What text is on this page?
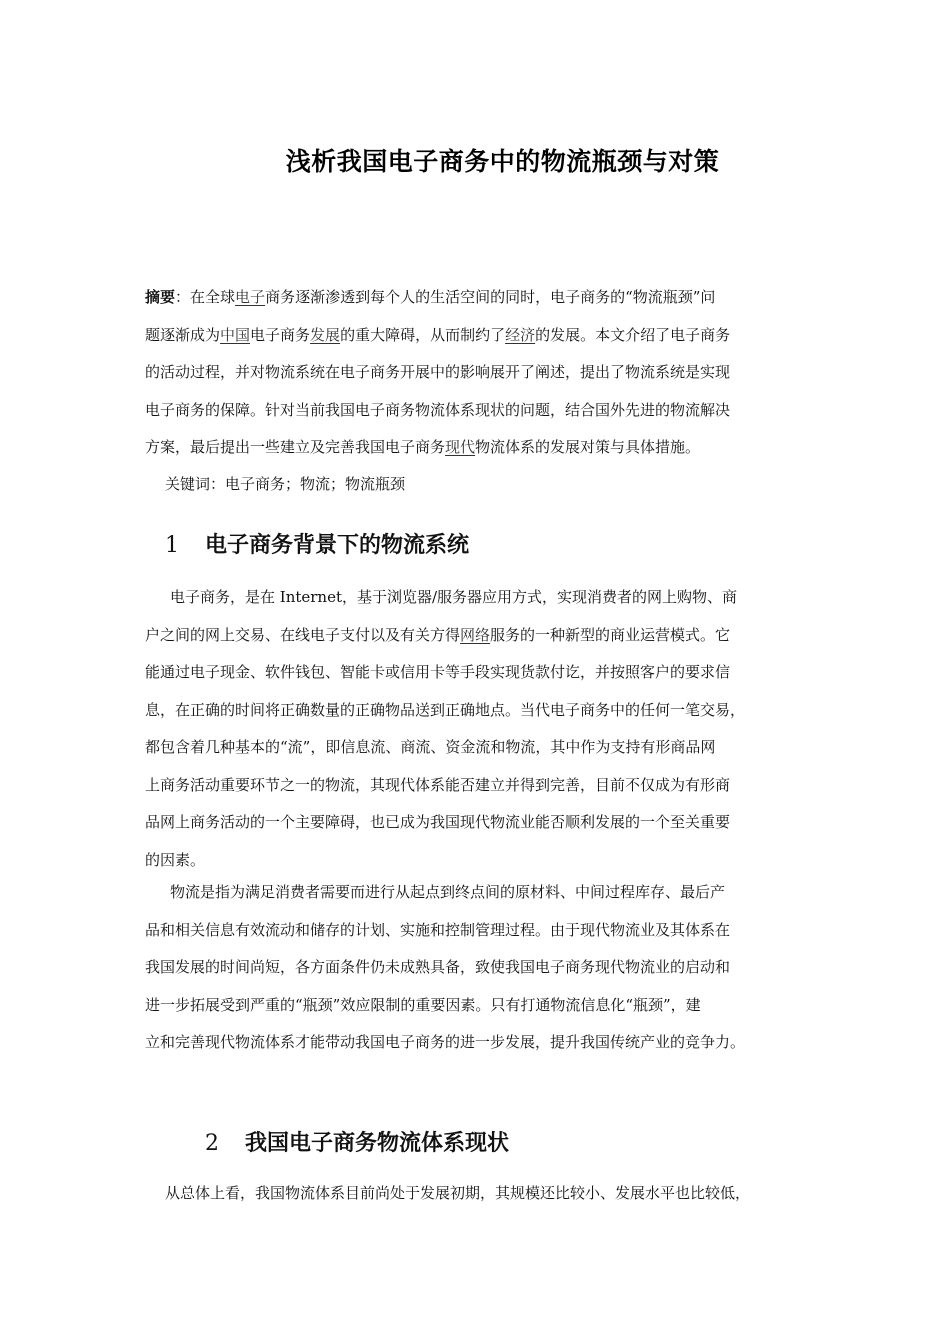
浅析我国电子商务中的物流瓶颈与对策
摘要：在全球电子商务逐渐渗透到每个人的生活空间的同时，电子商务的“物流瓶颈”问
题逐渐成为中国电子商务发展的重大障碍，从而制约了经济的发展。本文介绍了电子商务
的活动过程，并对物流系统在电子商务开展中的影响展开了阐述，提出了物流系统是实现
电子商务的保障。针对当前我国电子商务物流体系现状的问题，结合国外先进的物流解决
方案，最后提出一些建立及完善我国电子商务现代物流体系的发展对策与具体措施。
关键词：电子商务；物流；物流瓶颈
1 电子商务背景下的物流系统
电子商务，是在 Internet，基于浏览器/服务器应用方式，实现消费者的网上购物、商
户之间的网上交易、在线电子支付以及有关方得网络服务的一种新型的商业运营模式。它
能通过电子现金、软件钱包、智能卡或信用卡等手段实现货款付讫，并按照客户的要求信
息，在正确的时间将正确数量的正确物品送到正确地点。当代电子商务中的任何一笔交易，
都包含着几种基本的“流”，即信息流、商流、资金流和物流，其中作为支持有形商品网
上商务活动重要环节之一的物流，其现代体系能否建立并得到完善，目前不仅成为有形商
品网上商务活动的一个主要障碍，也已成为我国现代物流业能否顺利发展的一个至关重要
的因素。
物流是指为满足消费者需要而进行从起点到终点间的原材料、中间过程库存、最后产
品和相关信息有效流动和储存的计划、实施和控制管理过程。由于现代物流业及其体系在
我国发展的时间尚短，各方面条件仍未成熟具备，致使我国电子商务现代物流业的启动和
进一步拓展受到严重的“瓶颈”效应限制的重要因素。只有打通物流信息化“瓶颈”，建
立和完善现代物流体系才能带动我国电子商务的进一步发展，提升我国传统产业的竞争力。
2 我国电子商务物流体系现状
从总体上看，我国物流体系目前尚处于发展初期，其规模还比较小、发展水平也比较低，
